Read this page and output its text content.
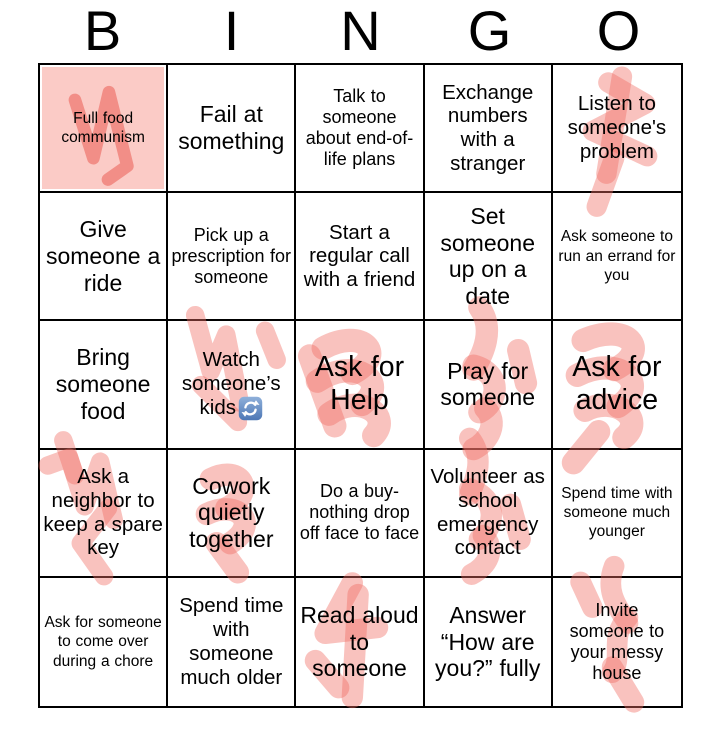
B	I	N	G	O
Full food communism
Fail at something
Talk to someone about end-of-life plans
Exchange numbers with a stranger
Listen to someone's problem
Give someone a ride
Pick up a prescription for someone
Start a regular call with a friend
Set someone up on a date
Ask someone to run an errand for you
Bring someone food
Watch someone’s kids
Ask for Help
Pray for someone
Ask for advice
Ask a neighbor to keep a spare key
Cowork quietly together
Do a buy-nothing drop off face to face
Volunteer as school emergency contact
Spend time with someone much younger
Ask for someone to come over during a chore
Spend time with someone much older
Read aloud to someone
Answer “How are you?” fully
Invite someone to your messy house
